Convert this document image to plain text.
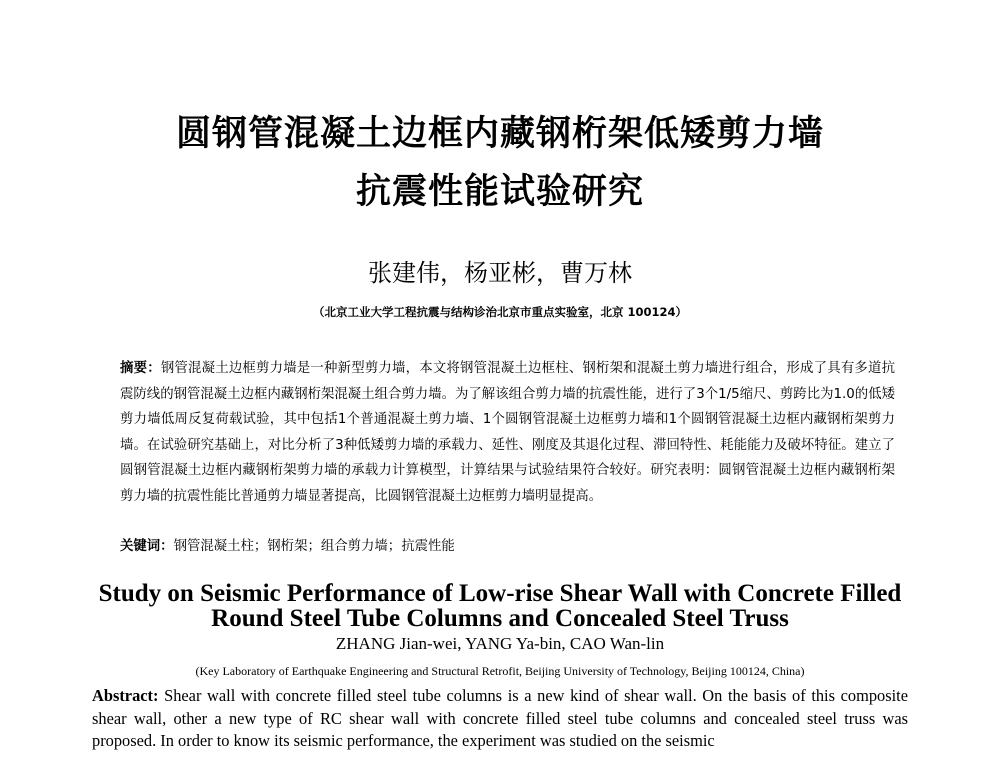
圆钢管混凝土边框内藏钢桁架低矮剪力墙
抗震性能试验研究
张建伟，杨亚彬，曹万林
（北京工业大学工程抗震与结构诊治北京市重点实验室，北京 100124）

摘要：钢管混凝土边框剪力墙是一种新型剪力墙，本文将钢管混凝土边框柱、钢桁架和混凝土剪力墙进行组合，形成了具有多道抗震防线的钢管混凝土边框内藏钢桁架混凝土组合剪力墙。为了解该组合剪力墙的抗震性能，进行了3个1/5缩尺、剪跨比为1.0的低矮剪力墙低周反复荷载试验，其中包括1个普通混凝土剪力墙、1个圆钢管混凝土边框剪力墙和1个圆钢管混凝土边框内藏钢桁架剪力墙。在试验研究基础上，对比分析了3种低矮剪力墙的承载力、延性、刚度及其退化过程、滞回特性、耗能能力及破坏特征。建立了圆钢管混凝土边框内藏钢桁架剪力墙的承载力计算模型，计算结果与试验结果符合较好。研究表明：圆钢管混凝土边框内藏钢桁架剪力墙的抗震性能比普通剪力墙显著提高，比圆钢管混凝土边框剪力墙明显提高。

关键词：钢管混凝土柱；钢桁架；组合剪力墙；抗震性能
Study on Seismic Performance of Low-rise Shear Wall with Concrete Filled
Round Steel Tube Columns and Concealed Steel Truss
ZHANG Jian-wei, YANG Ya-bin, CAO Wan-lin
(Key Laboratory of Earthquake Engineering and Structural Retrofit, Beijing University of Technology, Beijing 100124, China)

Abstract: Shear wall with concrete filled steel tube columns is a new kind of shear wall. On the basis of this composite shear wall, other a new type of RC shear wall with concrete filled steel tube columns and concealed steel truss was proposed. In order to know its seismic performance, the experiment was studied on the seismic
